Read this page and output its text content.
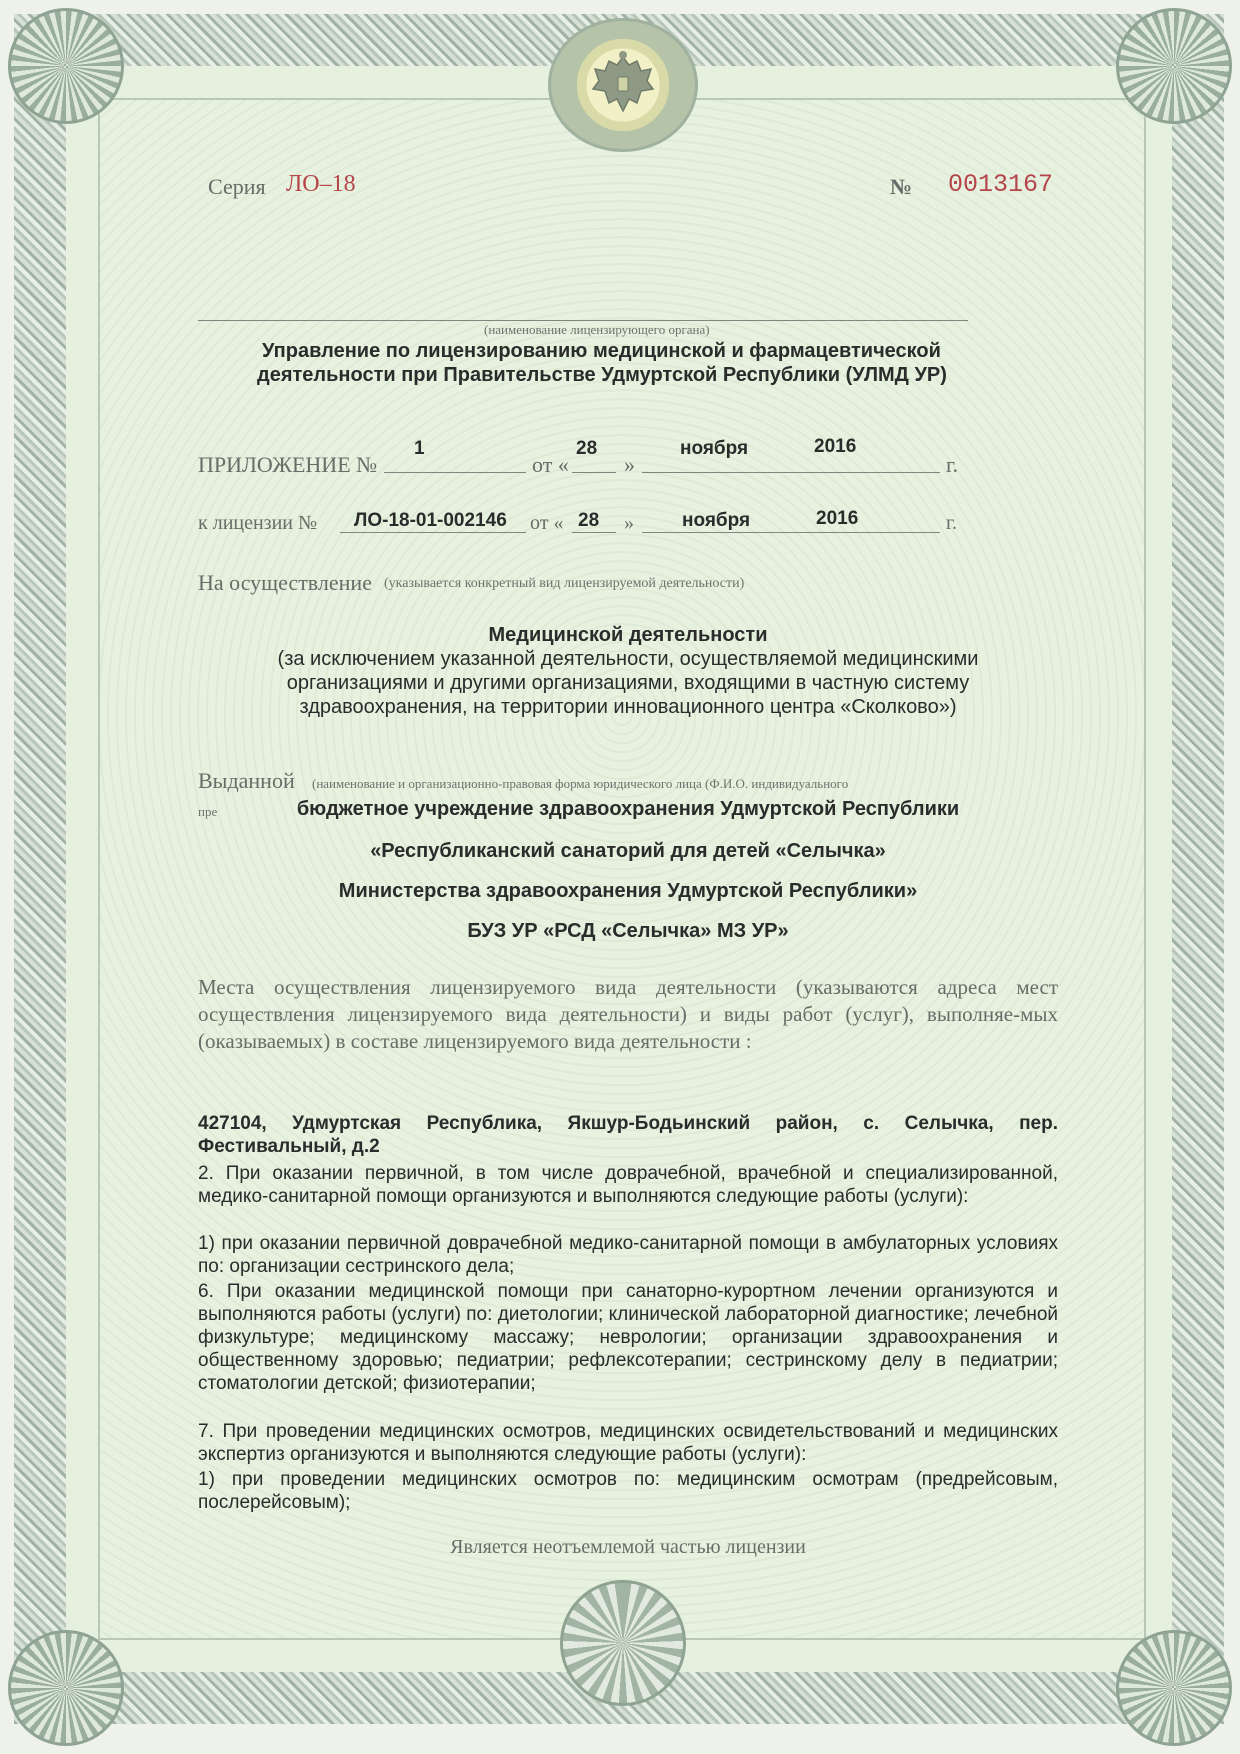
Серия ЛО–18	№ 0013167
(наименование лицензирующего органа)
Управление по лицензированию медицинской и фармацевтической
деятельности при Правительстве Удмуртской Республики (УЛМД УР)
ПРИЛОЖЕНИЕ №
1
от «
28
»
ноября	2016
г.
к лицензии № ЛО-18-01-002146 от « 28 »	ноября	2016	г.
На осуществление (указывается конкретный вид лицензируемой деятельности)
Медицинской деятельности
(за исключением указанной деятельности, осуществляемой медицинскими
организациями и другими организациями, входящими в частную систему
здравоохранения, на территории инновационного центра «Сколково»)
Выданной (наименование и организационно-правовая форма юридического лица (Ф.И.О. индивидуального
пре	бюджетное учреждение здравоохранения Удмуртской Республики
«Республиканский санаторий для детей «Селычка»
Министерства здравоохранения Удмуртской Республики»
БУЗ УР «РСД «Селычка» МЗ УР»
Места осуществления лицензируемого вида деятельности (указываются адреса мест осуществления лицензируемого вида деятельности) и виды работ (услуг), выполняе-мых (оказываемых) в составе лицензируемого вида деятельности :
427104, Удмуртская Республика, Якшур-Бодьинский район, с. Селычка, пер. Фестивальный, д.2
2. При оказании первичной, в том числе доврачебной, врачебной и специализированной, медико-санитарной помощи организуются и выполняются следующие работы (услуги):
1) при оказании первичной доврачебной медико-санитарной помощи в амбулаторных условиях по: организации сестринского дела;
6. При оказании медицинской помощи при санаторно-курортном лечении организуются и выполняются работы (услуги) по: диетологии; клинической лабораторной диагностике; лечебной физкультуре; медицинскому массажу; неврологии; организации здравоохранения и общественному здоровью; педиатрии; рефлексотерапии; сестринскому делу в педиатрии; стоматологии детской; физиотерапии;
7. При проведении медицинских осмотров, медицинских освидетельствований и медицинских экспертиз организуются и выполняются следующие работы (услуги):
1) при проведении медицинских осмотров по: медицинским осмотрам (предрейсовым, послерейсовым);
Является неотъемлемой частью лицензии
